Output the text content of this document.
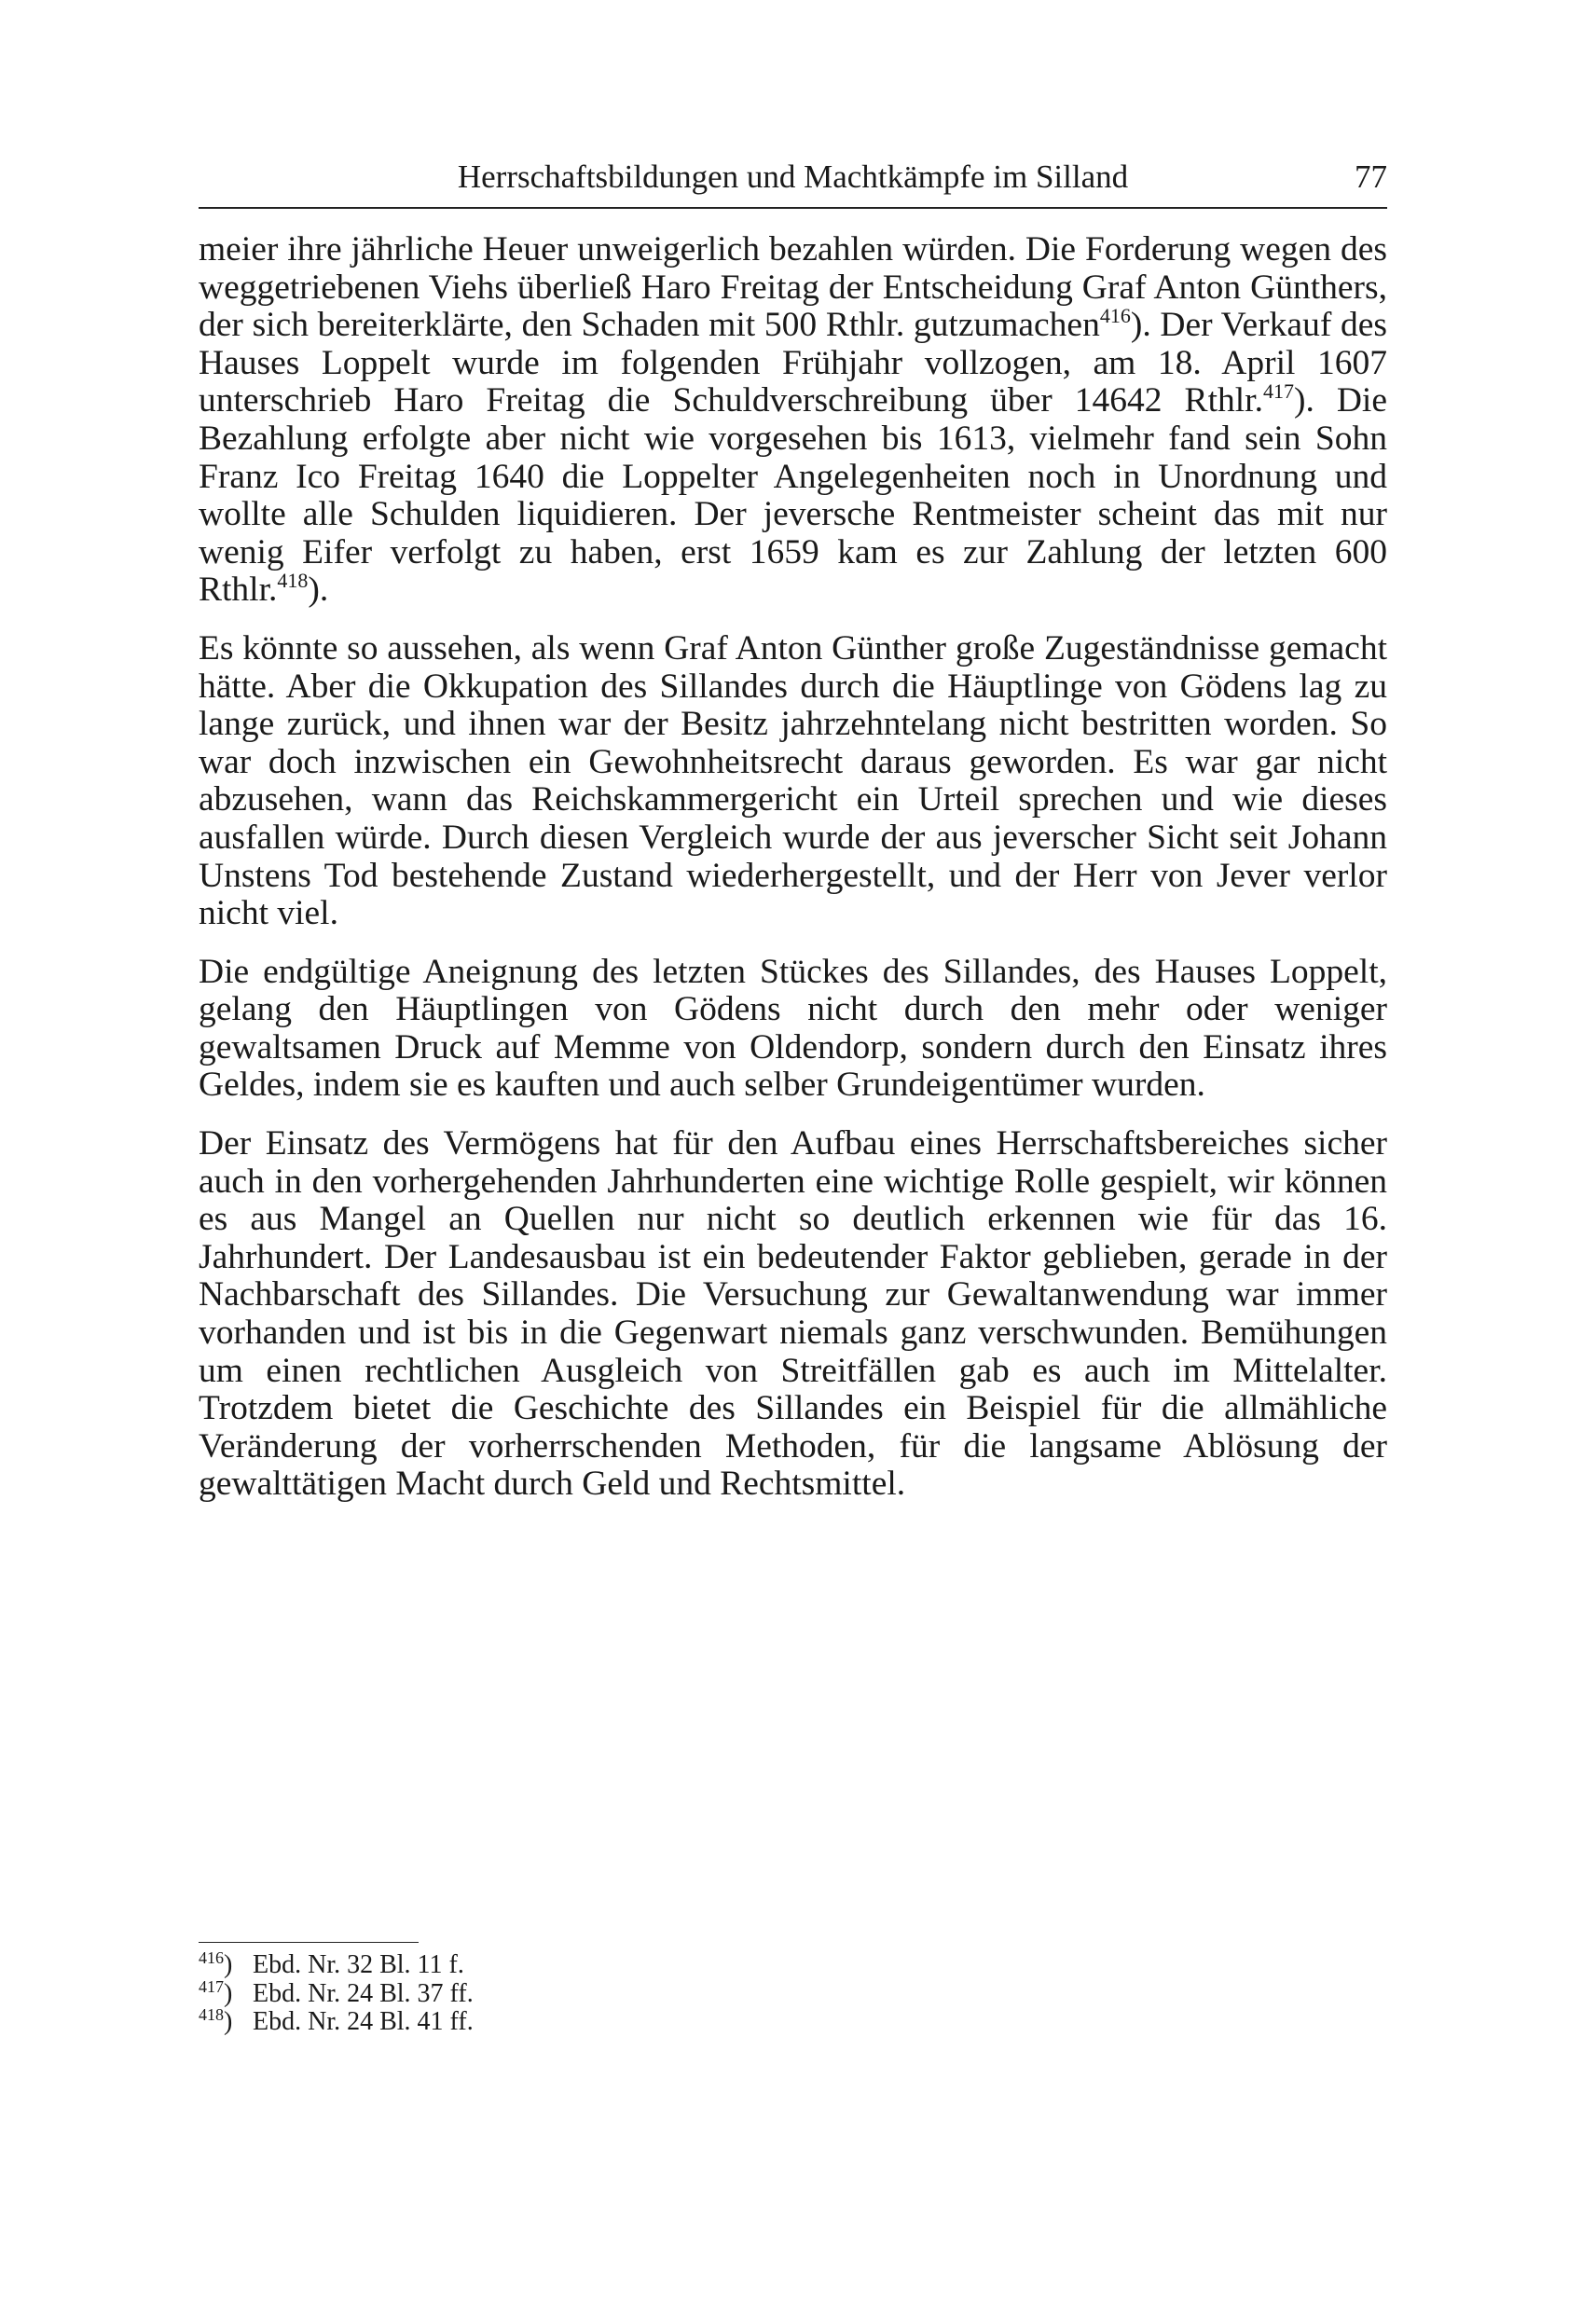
Herrschaftsbildungen und Machtkämpfe im Silland	77

meier ihre jährliche Heuer unweigerlich bezahlen würden. Die Forderung wegen des weggetriebenen Viehs überließ Haro Freitag der Entscheidung Graf Anton Günthers, der sich bereiterklärte, den Schaden mit 500 Rthlr. gutzumachen$^{416}$). Der Verkauf des Hauses Loppelt wurde im folgenden Frühjahr vollzogen, am 18. April 1607 unterschrieb Haro Freitag die Schuldverschreibung über 14642 Rthlr.$^{417}$). Die Bezahlung erfolgte aber nicht wie vorgesehen bis 1613, vielmehr fand sein Sohn Franz Ico Freitag 1640 die Loppelter Angelegenheiten noch in Unordnung und wollte alle Schulden liquidieren. Der jeversche Rentmeister scheint das mit nur wenig Eifer verfolgt zu haben, erst 1659 kam es zur Zahlung der letzten 600 Rthlr.$^{418}$).

Es könnte so aussehen, als wenn Graf Anton Günther große Zugeständnisse gemacht hätte. Aber die Okkupation des Sillandes durch die Häuptlinge von Gödens lag zu lange zurück, und ihnen war der Besitz jahrzehntelang nicht bestritten worden. So war doch inzwischen ein Gewohnheitsrecht daraus geworden. Es war gar nicht abzusehen, wann das Reichskammergericht ein Urteil sprechen und wie dieses ausfallen würde. Durch diesen Vergleich wurde der aus jeverscher Sicht seit Johann Unstens Tod bestehende Zustand wiederhergestellt, und der Herr von Jever verlor nicht viel.

Die endgültige Aneignung des letzten Stückes des Sillandes, des Hauses Loppelt, gelang den Häuptlingen von Gödens nicht durch den mehr oder weniger gewaltsamen Druck auf Memme von Oldendorp, sondern durch den Einsatz ihres Geldes, indem sie es kauften und auch selber Grundeigentümer wurden.

Der Einsatz des Vermögens hat für den Aufbau eines Herrschaftsbereiches sicher auch in den vorhergehenden Jahrhunderten eine wichtige Rolle gespielt, wir können es aus Mangel an Quellen nur nicht so deutlich erkennen wie für das 16. Jahrhundert. Der Landesausbau ist ein bedeutender Faktor geblieben, gerade in der Nachbarschaft des Sillandes. Die Versuchung zur Gewaltanwendung war immer vorhanden und ist bis in die Gegenwart niemals ganz verschwunden. Bemühungen um einen rechtlichen Ausgleich von Streitfällen gab es auch im Mittelalter. Trotzdem bietet die Geschichte des Sillandes ein Beispiel für die allmähliche Veränderung der vorherrschenden Methoden, für die langsame Ablösung der gewalttätigen Macht durch Geld und Rechtsmittel.

$^{416}$) Ebd. Nr. 32 Bl. 11 f.
$^{417}$) Ebd. Nr. 24 Bl. 37 ff.
$^{418}$) Ebd. Nr. 24 Bl. 41 ff.
